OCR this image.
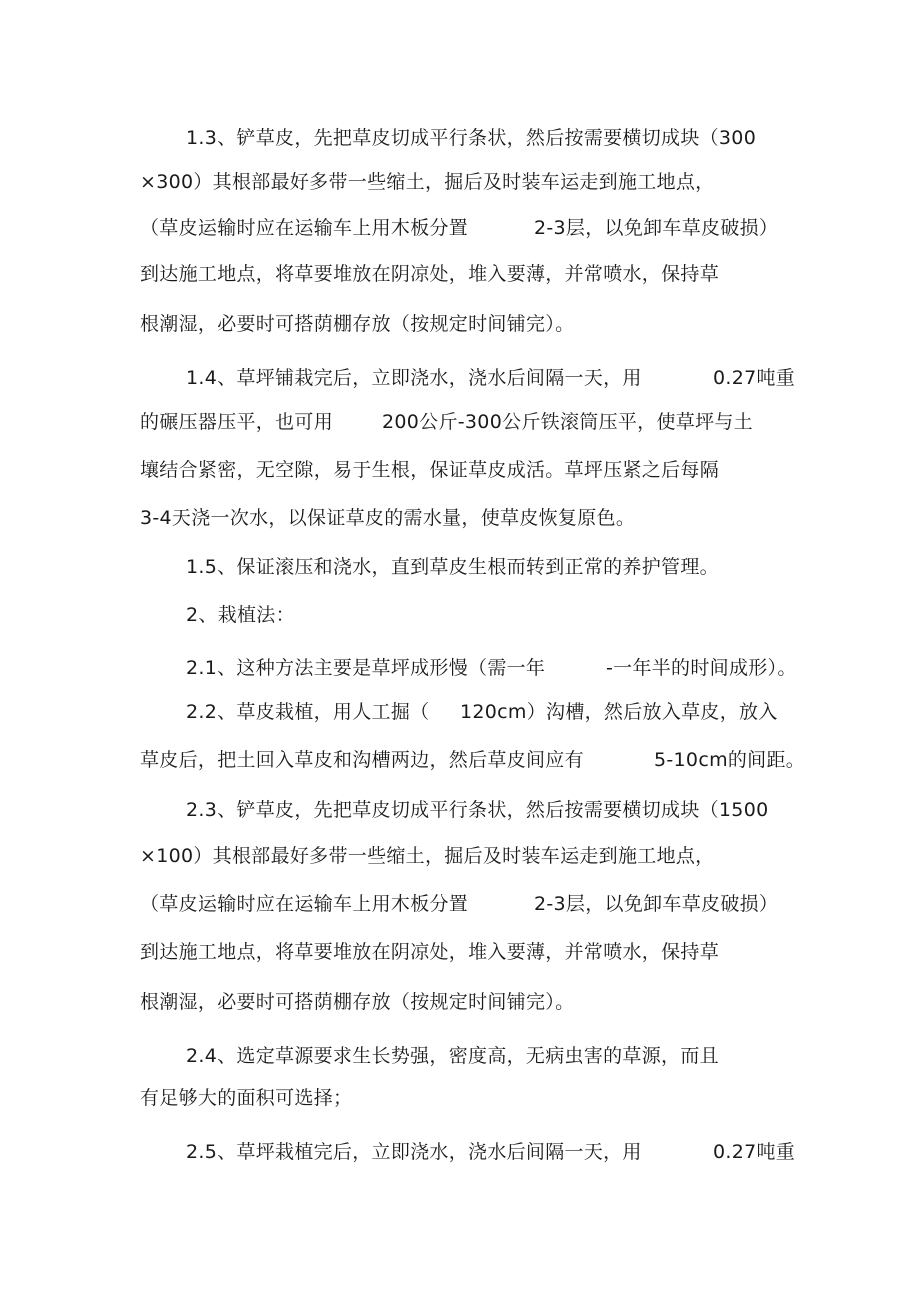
1.3、铲草皮，先把草皮切成平行条状，然后按需要横切成块（300

×300）其根部最好多带一些缩土，掘后及时装车运走到施工地点，

（草皮运输时应在运输车上用木板分置

	2-3层，以免卸车草皮破损）

到达施工地点，将草要堆放在阴凉处，堆入要薄，并常喷水，保持草

根潮湿，必要时可搭荫棚存放（按规定时间铺完）。

1.4、草坪铺栽完后，立即浇水，浇水后间隔一天，用

	0.27吨重

的碾压器压平，也可用

	200公斤-300公斤铁滚筒压平，使草坪与土

壤结合紧密，无空隙，易于生根，保证草皮成活。草坪压紧之后每隔

3-4天浇一次水，以保证草皮的需水量，使草皮恢复原色。

1.5、保证滚压和浇水，直到草皮生根而转到正常的养护管理。

2、栽植法：

2.1、这种方法主要是草坪成形慢（需一年

	-一年半的时间成形）。

2.2、草皮栽植，用人工掘（

120cm）沟槽，然后放入草皮，放入

草皮后，把土回入草皮和沟槽两边，然后草皮间应有

	5-10cm的间距。

2.3、铲草皮，先把草皮切成平行条状，然后按需要横切成块（1500

×100）其根部最好多带一些缩土，掘后及时装车运走到施工地点，

（草皮运输时应在运输车上用木板分置

	2-3层，以免卸车草皮破损）

到达施工地点，将草要堆放在阴凉处，堆入要薄，并常喷水，保持草

根潮湿，必要时可搭荫棚存放（按规定时间铺完）。

2.4、选定草源要求生长势强，密度高，无病虫害的草源，而且

有足够大的面积可选择；

2.5、草坪栽植完后，立即浇水，浇水后间隔一天，用

	0.27吨重
